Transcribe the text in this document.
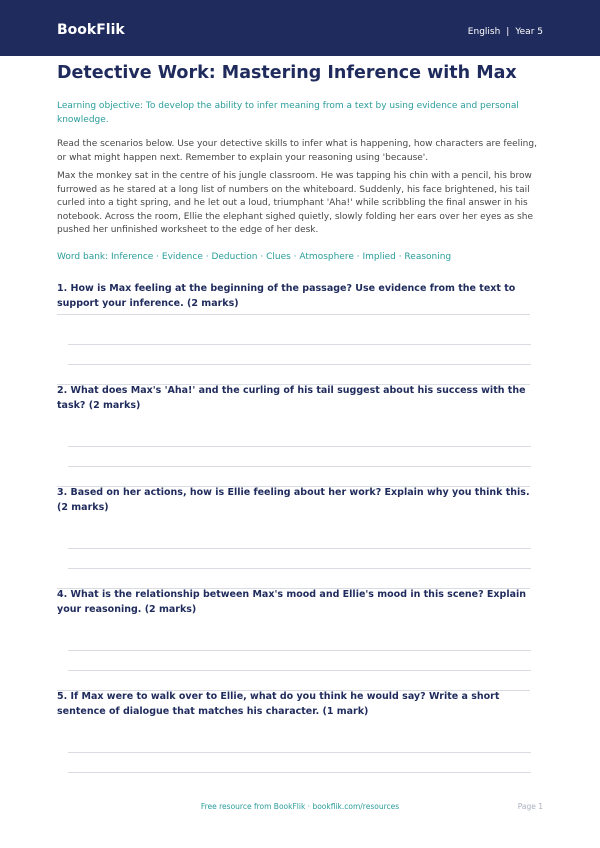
BookFlik	English | Year 5
Detective Work: Mastering Inference with Max

Learning objective: To develop the ability to infer meaning from a text by using evidence and personal knowledge.

Read the scenarios below. Use your detective skills to infer what is happening, how characters are feeling, or what might happen next. Remember to explain your reasoning using 'because'.

Max the monkey sat in the centre of his jungle classroom. He was tapping his chin with a pencil, his brow furrowed as he stared at a long list of numbers on the whiteboard. Suddenly, his face brightened, his tail curled into a tight spring, and he let out a loud, triumphant 'Aha!' while scribbling the final answer in his notebook. Across the room, Ellie the elephant sighed quietly, slowly folding her ears over her eyes as she pushed her unfinished worksheet to the edge of her desk.

Word bank: Inference · Evidence · Deduction · Clues · Atmosphere · Implied · Reasoning

1. How is Max feeling at the beginning of the passage? Use evidence from the text to support your inference. (2 marks)

2. What does Max's 'Aha!' and the curling of his tail suggest about his success with the task? (2 marks)

3. Based on her actions, how is Ellie feeling about her work? Explain why you think this. (2 marks)

4. What is the relationship between Max's mood and Ellie's mood in this scene? Explain your reasoning. (2 marks)

5. If Max were to walk over to Ellie, what do you think he would say? Write a short sentence of dialogue that matches his character. (1 mark)

Free resource from BookFlik · bookflik.com/resources	Page 1
